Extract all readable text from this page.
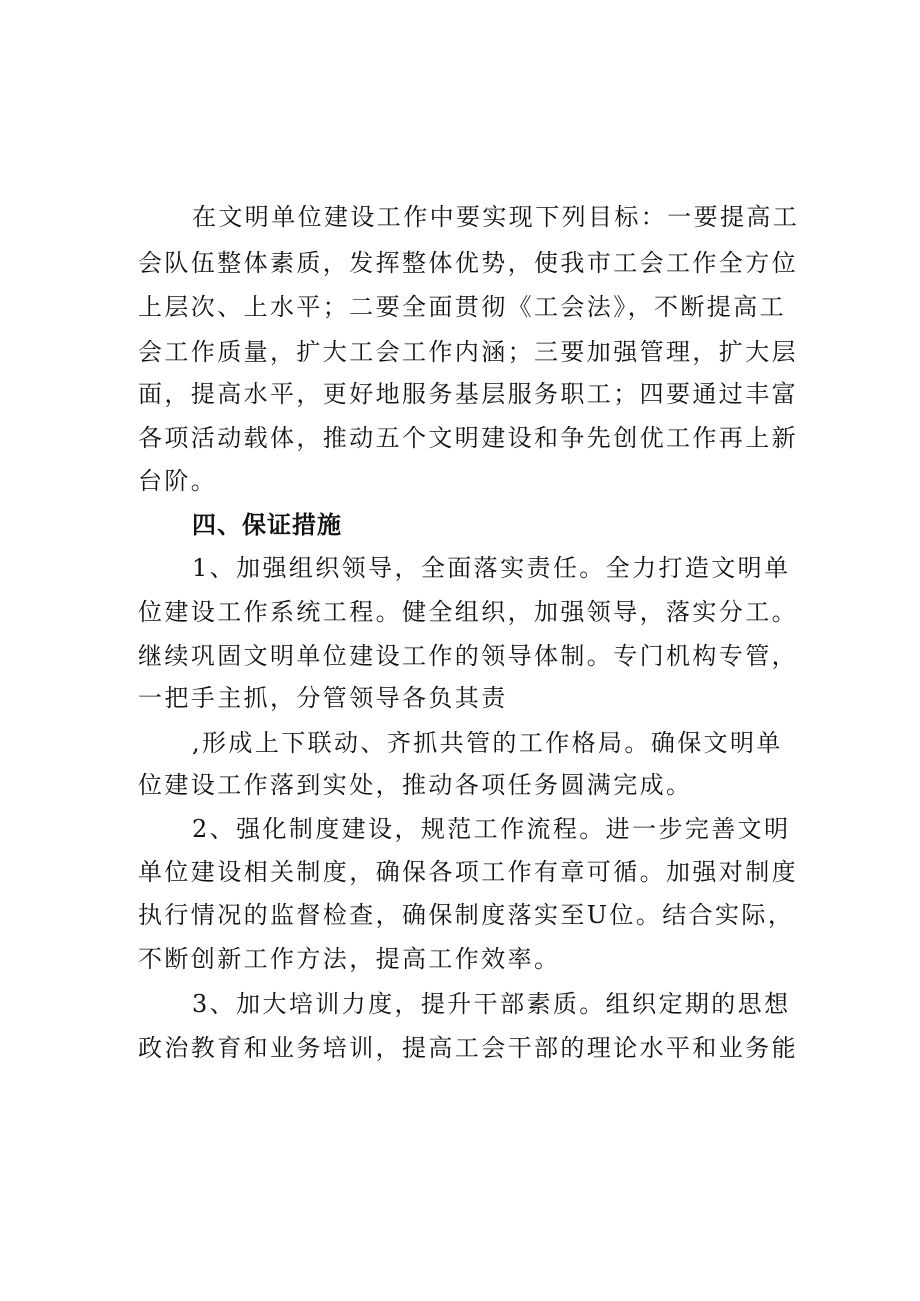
在文明单位建设工作中要实现下列目标：一要提高工
会队伍整体素质，发挥整体优势，使我市工会工作全方位
上层次、上水平；二要全面贯彻《工会法》，不断提高工
会工作质量，扩大工会工作内涵；三要加强管理，扩大层
面，提高水平，更好地服务基层服务职工；四要通过丰富
各项活动载体，推动五个文明建设和争先创优工作再上新
台阶。
四、保证措施
1、加强组织领导，全面落实责任。全力打造文明单
位建设工作系统工程。健全组织，加强领导，落实分工。
继续巩固文明单位建设工作的领导体制。专门机构专管，
一把手主抓，分管领导各负其责
,形成上下联动、齐抓共管的工作格局。确保文明单
位建设工作落到实处，推动各项任务圆满完成。
2、强化制度建设，规范工作流程。进一步完善文明
单位建设相关制度，确保各项工作有章可循。加强对制度
执行情况的监督检查，确保制度落实至U位。结合实际，
不断创新工作方法，提高工作效率。
3、加大培训力度，提升干部素质。组织定期的思想
政治教育和业务培训，提高工会干部的理论水平和业务能
